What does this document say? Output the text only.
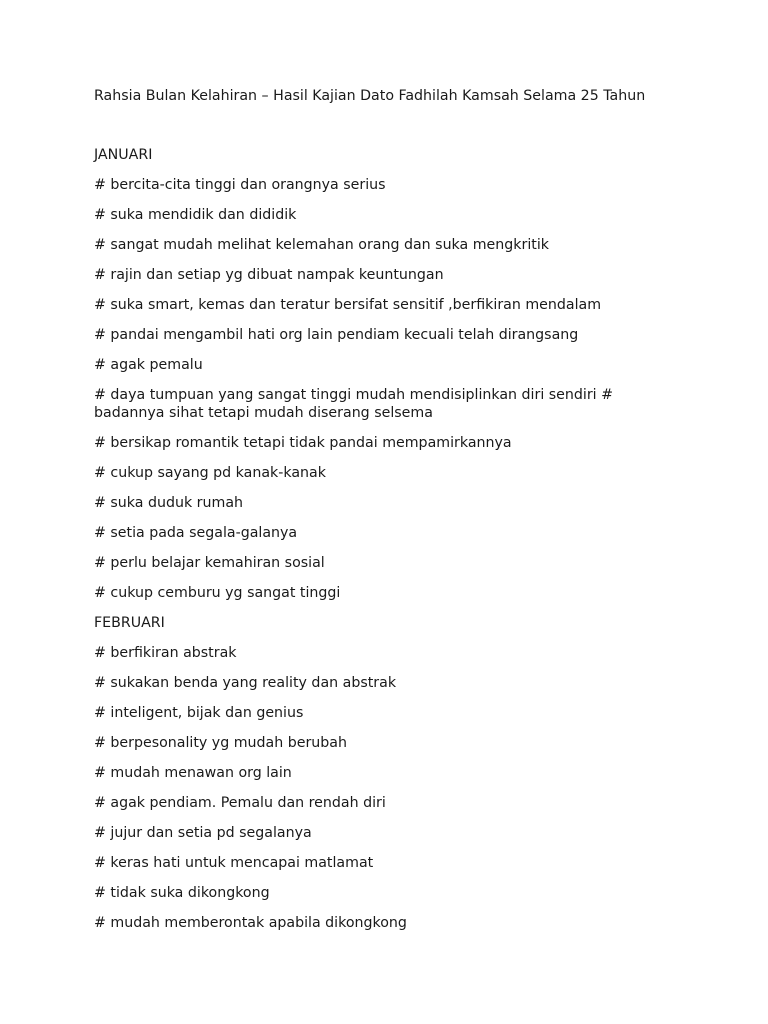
Rahsia Bulan Kelahiran – Hasil Kajian Dato Fadhilah Kamsah Selama 25 Tahun
JANUARI
# bercita-cita tinggi dan orangnya serius
# suka mendidik dan dididik
# sangat mudah melihat kelemahan orang dan suka mengkritik
# rajin dan setiap yg dibuat nampak keuntungan
# suka smart, kemas dan teratur bersifat sensitif ,berfikiran mendalam
# pandai mengambil hati org lain pendiam kecuali telah dirangsang
# agak pemalu
# daya tumpuan yang sangat tinggi mudah mendisiplinkan diri sendiri # badannya sihat tetapi mudah diserang selsema
# bersikap romantik tetapi tidak pandai mempamirkannya
# cukup sayang pd kanak-kanak
# suka duduk rumah
# setia pada segala-galanya
# perlu belajar kemahiran sosial
# cukup cemburu yg sangat tinggi
FEBRUARI
# berfikiran abstrak
# sukakan benda yang reality dan abstrak
# inteligent, bijak dan genius
# berpesonality yg mudah berubah
# mudah menawan org lain
# agak pendiam. Pemalu dan rendah diri
# jujur dan setia pd segalanya
# keras hati untuk mencapai matlamat
# tidak suka dikongkong
# mudah memberontak apabila dikongkong
